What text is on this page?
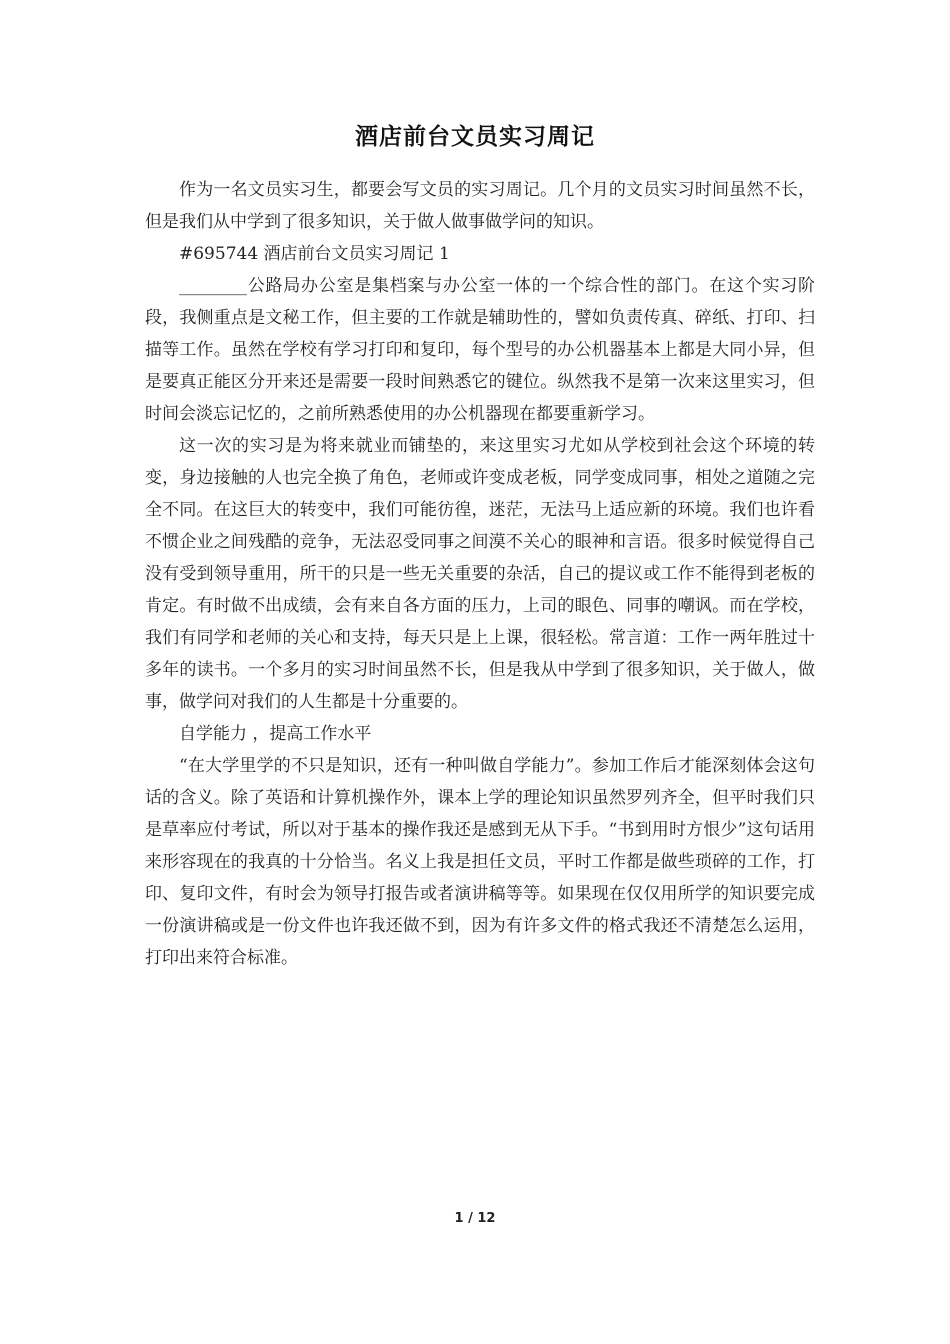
酒店前台文员实习周记

作为一名文员实习生，都要会写文员的实习周记。几个月的文员实习时间虽然不长，但是我们从中学到了很多知识，关于做人做事做学问的知识。

#695744 酒店前台文员实习周记 1

________公路局办公室是集档案与办公室一体的一个综合性的部门。在这个实习阶段，我侧重点是文秘工作，但主要的工作就是辅助性的，譬如负责传真、碎纸、打印、扫描等工作。虽然在学校有学习打印和复印，每个型号的办公机器基本上都是大同小异，但是要真正能区分开来还是需要一段时间熟悉它的键位。纵然我不是第一次来这里实习，但时间会淡忘记忆的，之前所熟悉使用的办公机器现在都要重新学习。

这一次的实习是为将来就业而铺垫的，来这里实习尤如从学校到社会这个环境的转变，身边接触的人也完全换了角色，老师或许变成老板，同学变成同事，相处之道随之完全不同。在这巨大的转变中，我们可能彷徨，迷茫，无法马上适应新的环境。我们也许看不惯企业之间残酷的竞争，无法忍受同事之间漠不关心的眼神和言语。很多时候觉得自己没有受到领导重用，所干的只是一些无关重要的杂活，自己的提议或工作不能得到老板的肯定。有时做不出成绩，会有来自各方面的压力，上司的眼色、同事的嘲讽。而在学校，我们有同学和老师的关心和支持，每天只是上上课，很轻松。常言道：工作一两年胜过十多年的读书。一个多月的实习时间虽然不长，但是我从中学到了很多知识，关于做人，做事，做学问对我们的人生都是十分重要的。

自学能力 ，提高工作水平

“在大学里学的不只是知识，还有一种叫做自学能力”。参加工作后才能深刻体会这句话的含义。除了英语和计算机操作外，课本上学的理论知识虽然罗列齐全，但平时我们只是草率应付考试，所以对于基本的操作我还是感到无从下手。“书到用时方恨少”这句话用来形容现在的我真的十分恰当。名义上我是担任文员，平时工作都是做些琐碎的工作，打印、复印文件，有时会为领导打报告或者演讲稿等等。如果现在仅仅用所学的知识要完成一份演讲稿或是一份文件也许我还做不到，因为有许多文件的格式我还不清楚怎么运用，打印出来符合标准。

1 / 12
